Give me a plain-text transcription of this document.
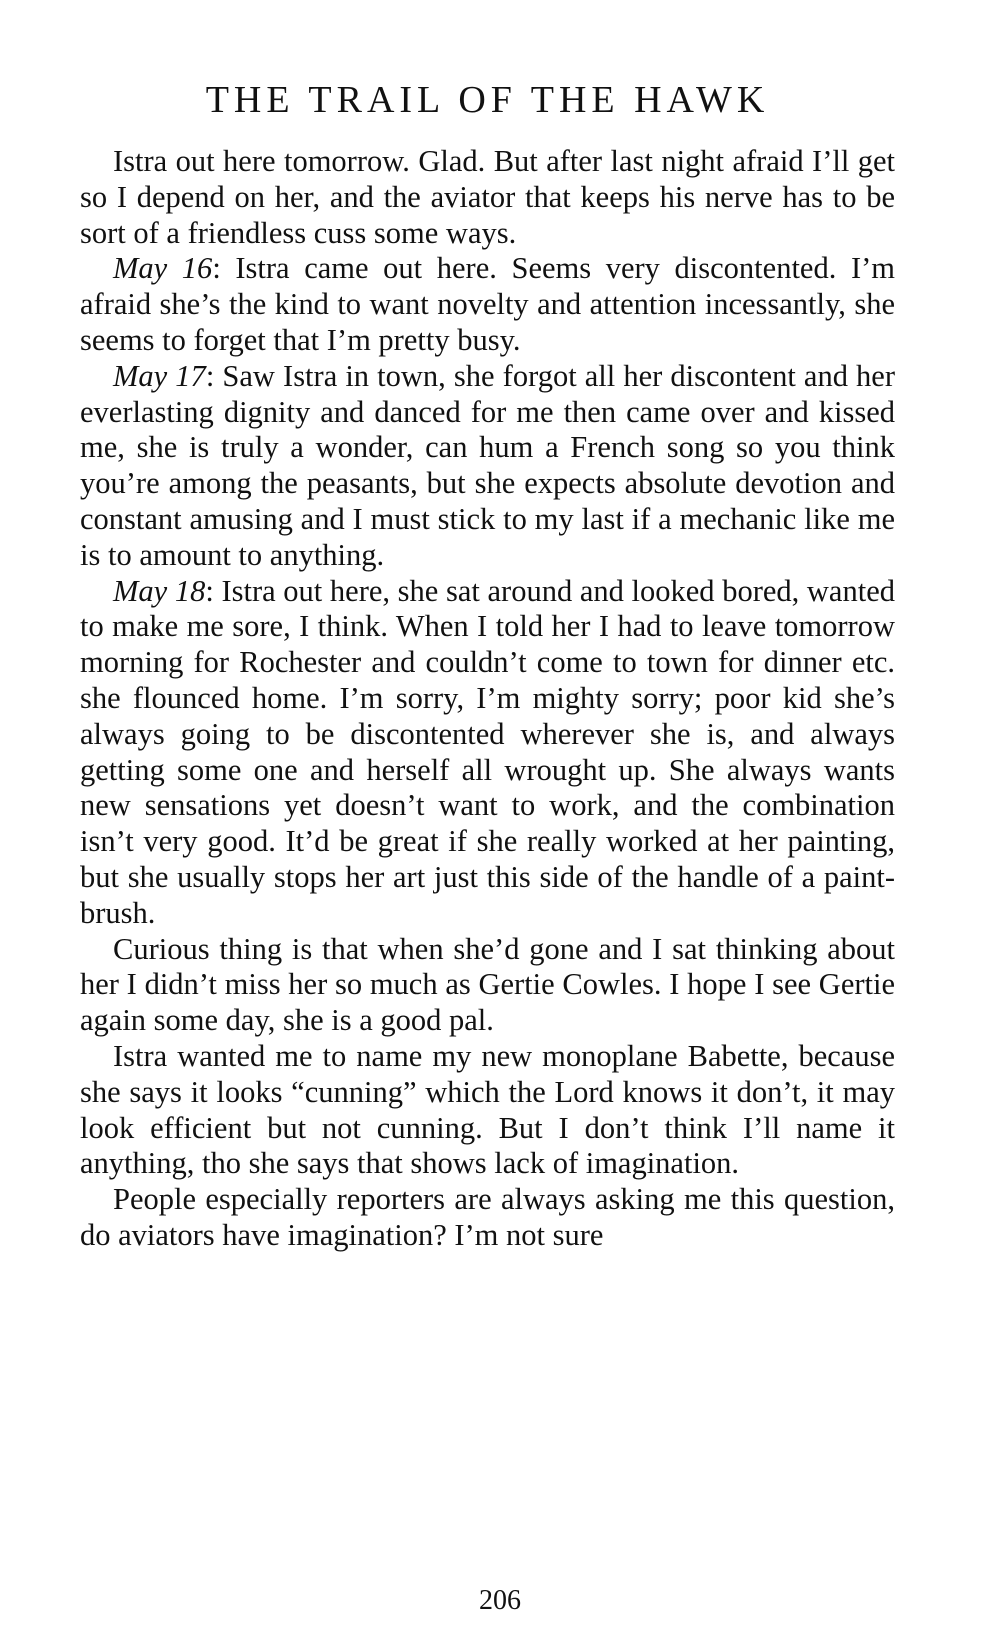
THE TRAIL OF THE HAWK

Istra out here tomorrow. Glad. But after last night afraid I’ll get so I depend on her, and the aviator that keeps his nerve has to be sort of a friendless cuss some ways.

May 16: Istra came out here. Seems very discontented. I’m afraid she’s the kind to want novelty and attention incessantly, she seems to forget that I’m pretty busy.

May 17: Saw Istra in town, she forgot all her discontent and her everlasting dignity and danced for me then came over and kissed me, she is truly a wonder, can hum a French song so you think you’re among the peasants, but she expects absolute devotion and constant amusing and I must stick to my last if a mechanic like me is to amount to anything.

May 18: Istra out here, she sat around and looked bored, wanted to make me sore, I think. When I told her I had to leave tomorrow morning for Rochester and couldn’t come to town for dinner etc. she flounced home. I’m sorry, I’m mighty sorry; poor kid she’s always going to be discontented wherever she is, and always getting some one and herself all wrought up. She always wants new sensations yet doesn’t want to work, and the combination isn’t very good. It’d be great if she really worked at her painting, but she usually stops her art just this side of the handle of a paint-brush.

Curious thing is that when she’d gone and I sat thinking about her I didn’t miss her so much as Gertie Cowles. I hope I see Gertie again some day, she is a good pal.

Istra wanted me to name my new monoplane Babette, because she says it looks “cunning” which the Lord knows it don’t, it may look efficient but not cunning. But I don’t think I’ll name it anything, tho she says that shows lack of imagination.

People especially reporters are always asking me this question, do aviators have imagination? I’m not sure

206
